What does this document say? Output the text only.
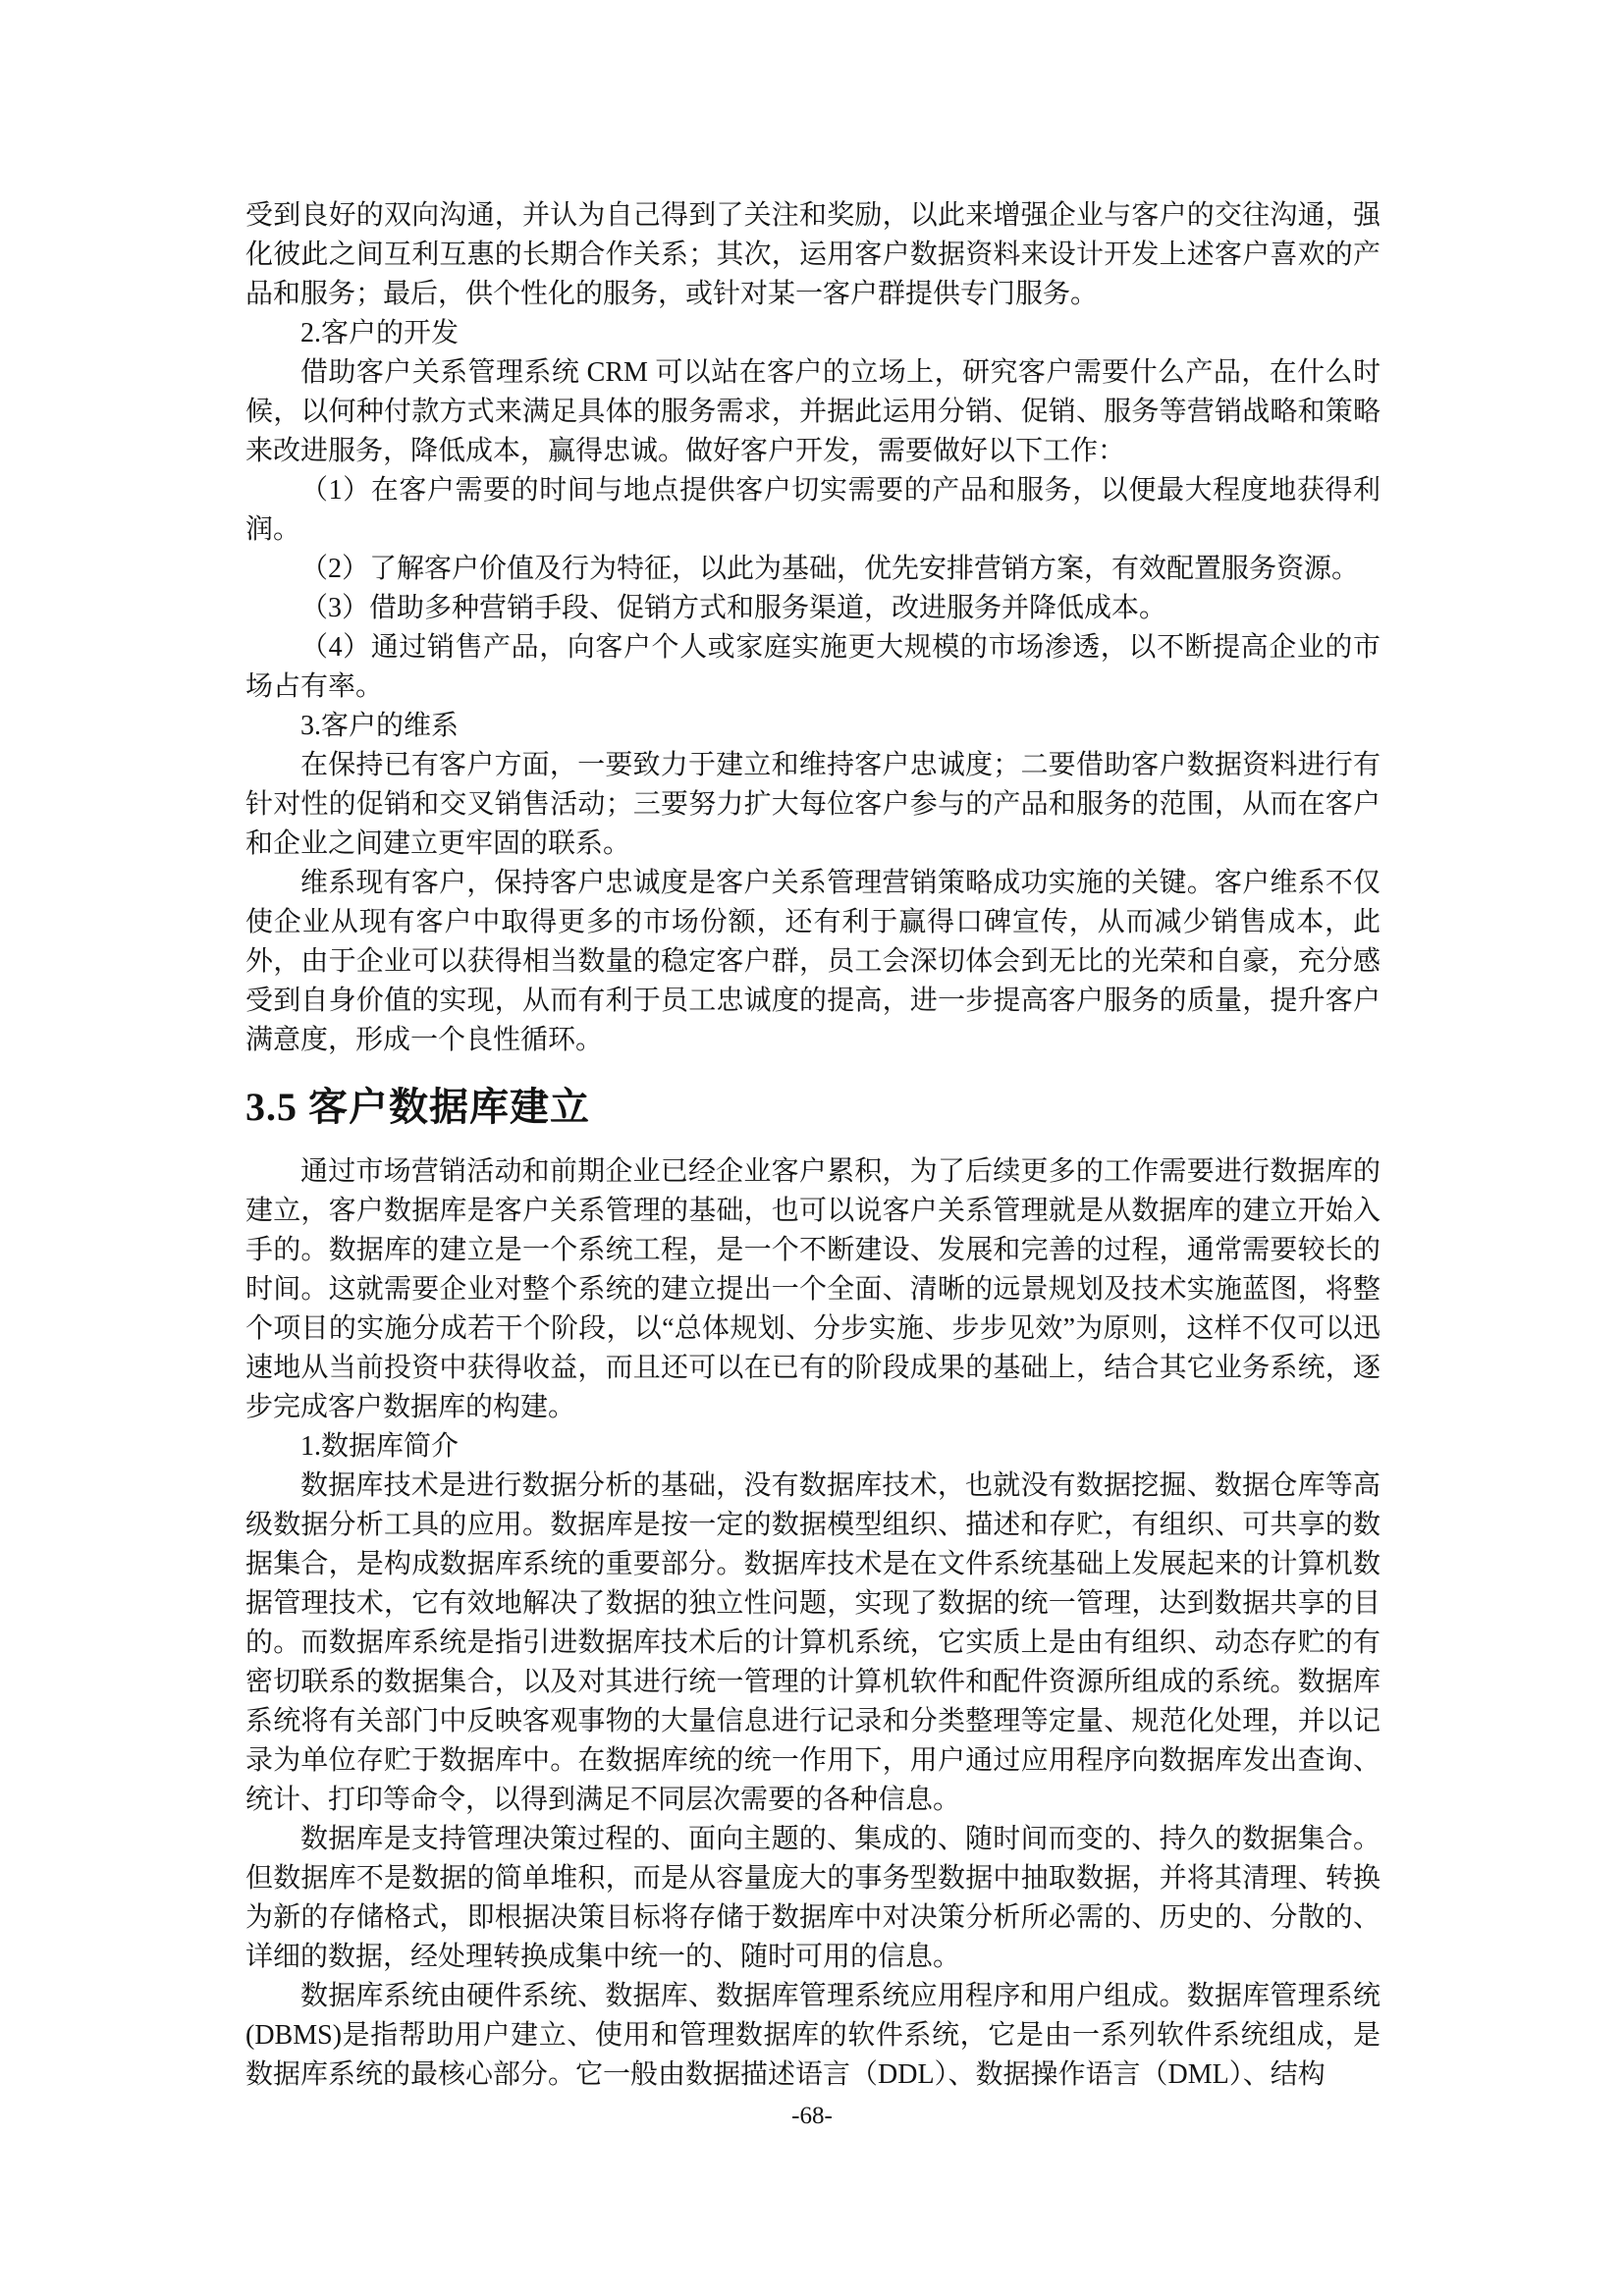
受到良好的双向沟通，并认为自己得到了关注和奖励，以此来增强企业与客户的交往沟通，强化彼此之间互利互惠的长期合作关系；其次，运用客户数据资料来设计开发上述客户喜欢的产品和服务；最后，供个性化的服务，或针对某一客户群提供专门服务。
2.客户的开发
借助客户关系管理系统 CRM 可以站在客户的立场上，研究客户需要什么产品，在什么时候，以何种付款方式来满足具体的服务需求，并据此运用分销、促销、服务等营销战略和策略来改进服务，降低成本，赢得忠诚。做好客户开发，需要做好以下工作：
（1）在客户需要的时间与地点提供客户切实需要的产品和服务，以便最大程度地获得利润。
（2）了解客户价值及行为特征，以此为基础，优先安排营销方案，有效配置服务资源。
（3）借助多种营销手段、促销方式和服务渠道，改进服务并降低成本。
（4）通过销售产品，向客户个人或家庭实施更大规模的市场渗透，以不断提高企业的市场占有率。
3.客户的维系
在保持已有客户方面，一要致力于建立和维持客户忠诚度；二要借助客户数据资料进行有针对性的促销和交叉销售活动；三要努力扩大每位客户参与的产品和服务的范围，从而在客户和企业之间建立更牢固的联系。
维系现有客户，保持客户忠诚度是客户关系管理营销策略成功实施的关键。客户维系不仅使企业从现有客户中取得更多的市场份额，还有利于赢得口碑宣传，从而减少销售成本，此外，由于企业可以获得相当数量的稳定客户群，员工会深切体会到无比的光荣和自豪，充分感受到自身价值的实现，从而有利于员工忠诚度的提高，进一步提高客户服务的质量，提升客户满意度，形成一个良性循环。
3.5 客户数据库建立
通过市场营销活动和前期企业已经企业客户累积，为了后续更多的工作需要进行数据库的建立，客户数据库是客户关系管理的基础，也可以说客户关系管理就是从数据库的建立开始入手的。数据库的建立是一个系统工程，是一个不断建设、发展和完善的过程，通常需要较长的时间。这就需要企业对整个系统的建立提出一个全面、清晰的远景规划及技术实施蓝图，将整个项目的实施分成若干个阶段，以“总体规划、分步实施、步步见效”为原则，这样不仅可以迅速地从当前投资中获得收益，而且还可以在已有的阶段成果的基础上，结合其它业务系统，逐步完成客户数据库的构建。
1.数据库简介
数据库技术是进行数据分析的基础，没有数据库技术，也就没有数据挖掘、数据仓库等高级数据分析工具的应用。数据库是按一定的数据模型组织、描述和存贮，有组织、可共享的数据集合，是构成数据库系统的重要部分。数据库技术是在文件系统基础上发展起来的计算机数据管理技术，它有效地解决了数据的独立性问题，实现了数据的统一管理，达到数据共享的目的。而数据库系统是指引进数据库技术后的计算机系统，它实质上是由有组织、动态存贮的有密切联系的数据集合，以及对其进行统一管理的计算机软件和配件资源所组成的系统。数据库系统将有关部门中反映客观事物的大量信息进行记录和分类整理等定量、规范化处理，并以记录为单位存贮于数据库中。在数据库统的统一作用下，用户通过应用程序向数据库发出查询、统计、打印等命令，以得到满足不同层次需要的各种信息。
数据库是支持管理决策过程的、面向主题的、集成的、随时间而变的、持久的数据集合。但数据库不是数据的简单堆积，而是从容量庞大的事务型数据中抽取数据，并将其清理、转换为新的存储格式，即根据决策目标将存储于数据库中对决策分析所必需的、历史的、分散的、详细的数据，经处理转换成集中统一的、随时可用的信息。
数据库系统由硬件系统、数据库、数据库管理系统应用程序和用户组成。数据库管理系统(DBMS)是指帮助用户建立、使用和管理数据库的软件系统，它是由一系列软件系统组成，是数据库系统的最核心部分。它一般由数据描述语言（DDL）、数据操作语言（DML）、结构
-68-
